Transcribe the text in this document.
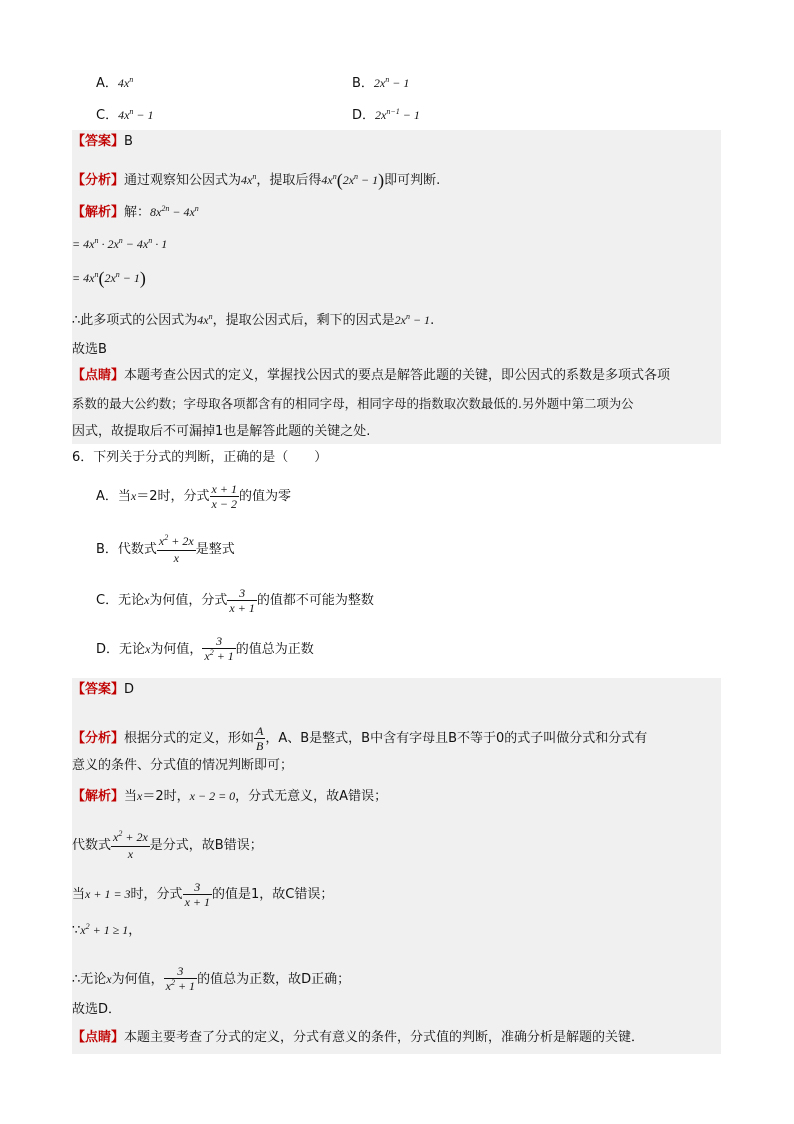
A．$4x^n$	B．$2x^n - 1$
C．$4x^n - 1$	D．$2x^{n-1} - 1$
【答案】B
【分析】通过观察知公因式为$4x^n$，提取后得$4x^n(2x^n - 1)$即可判断.
【解析】解：$8x^{2n} - 4x^n$
= $4x^n \cdot 2x^n - 4x^n \cdot 1$
= $4x^n(2x^n - 1)$
∴此多项式的公因式为$4x^n$，提取公因式后，剩下的因式是$2x^n - 1$.
故选B
【点睛】本题考查公因式的定义，掌握找公因式的要点是解答此题的关键，即公因式的系数是多项式各项
系数的最大公约数；字母取各项都含有的相同字母，相同字母的指数取次数最低的.另外题中第二项为公
因式，故提取后不可漏掉1也是解答此题的关键之处.
6．下列关于分式的判断，正确的是（　　）
A．当x＝2时，分式 $\frac{x + 1}{x - 2}$ 的值为零
B．代数式 $\frac{x^2 + 2x}{x}$ 是整式
C．无论x为何值，分式 $\frac{3}{x + 1}$ 的值都不可能为整数
D．无论x为何值， $\frac{3}{x^2 + 1}$ 的值总为正数
【答案】D
【分析】根据分式的定义，形如 $\frac{A}{B}$ ，A、B是整式，B中含有字母且B不等于0的式子叫做分式和分式有
意义的条件、分式值的情况判断即可；
【解析】当x＝2时，x − 2 = 0，分式无意义，故A错误；
代数式 $\frac{x^2 + 2x}{x}$ 是分式，故B错误；
当x + 1 = 3时，分式 $\frac{3}{x + 1}$ 的值是1，故C错误；
$\because x^2 + 1 \ge 1$，
∴无论x为何值， $\frac{3}{x^2 + 1}$ 的值总为正数，故D正确；
故选D．
【点睛】本题主要考查了分式的定义，分式有意义的条件，分式值的判断，准确分析是解题的关键．
